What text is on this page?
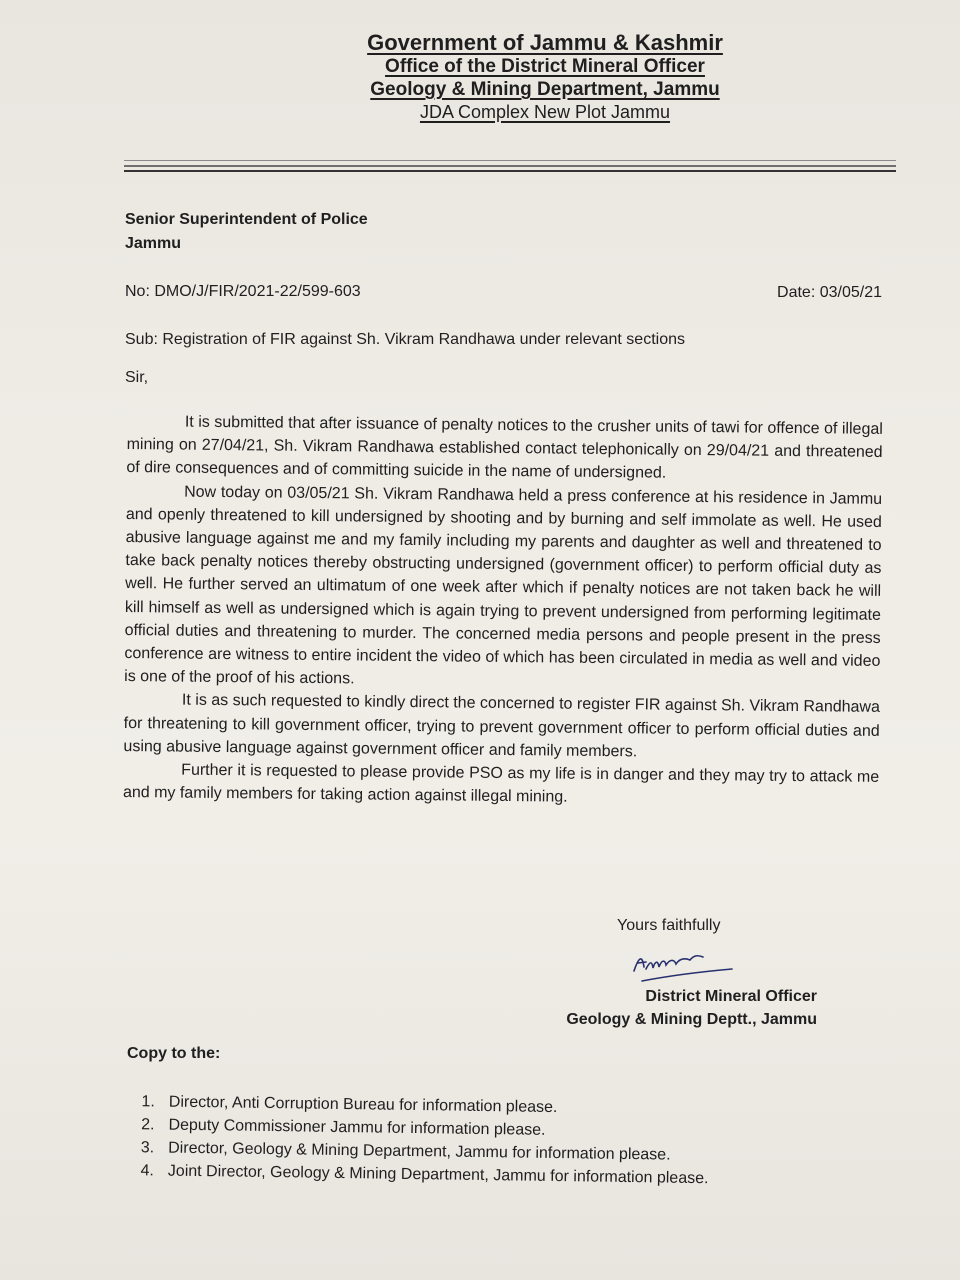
Government of Jammu & Kashmir
Office of the District Mineral Officer
Geology & Mining Department, Jammu
JDA Complex New Plot Jammu
Senior Superintendent of Police
Jammu
No: DMO/J/FIR/2021-22/599-603	Date: 03/05/21
Sub: Registration of FIR against Sh. Vikram Randhawa under relevant sections
Sir,

It is submitted that after issuance of penalty notices to the crusher units of tawi for offence of illegal mining on 27/04/21, Sh. Vikram Randhawa established contact telephonically on 29/04/21 and threatened of dire consequences and of committing suicide in the name of undersigned.

Now today on 03/05/21 Sh. Vikram Randhawa held a press conference at his residence in Jammu and openly threatened to kill undersigned by shooting and by burning and self immolate as well. He used abusive language against me and my family including my parents and daughter as well and threatened to take back penalty notices thereby obstructing undersigned (government officer) to perform official duty as well. He further served an ultimatum of one week after which if penalty notices are not taken back he will kill himself as well as undersigned which is again trying to prevent undersigned from performing legitimate official duties and threatening to murder. The concerned media persons and people present in the press conference are witness to entire incident the video of which has been circulated in media as well and video is one of the proof of his actions.

It is as such requested to kindly direct the concerned to register FIR against Sh. Vikram Randhawa for threatening to kill government officer, trying to prevent government officer to perform official duties and using abusive language against government officer and family members.

Further it is requested to please provide PSO as my life is in danger and they may try to attack me and my family members for taking action against illegal mining.

Yours faithfully
District Mineral Officer
Geology & Mining Deptt., Jammu
Copy to the:
1. Director, Anti Corruption Bureau for information please.
2. Deputy Commissioner Jammu for information please.
3. Director, Geology & Mining Department, Jammu for information please.
4. Joint Director, Geology & Mining Department, Jammu for information please.
